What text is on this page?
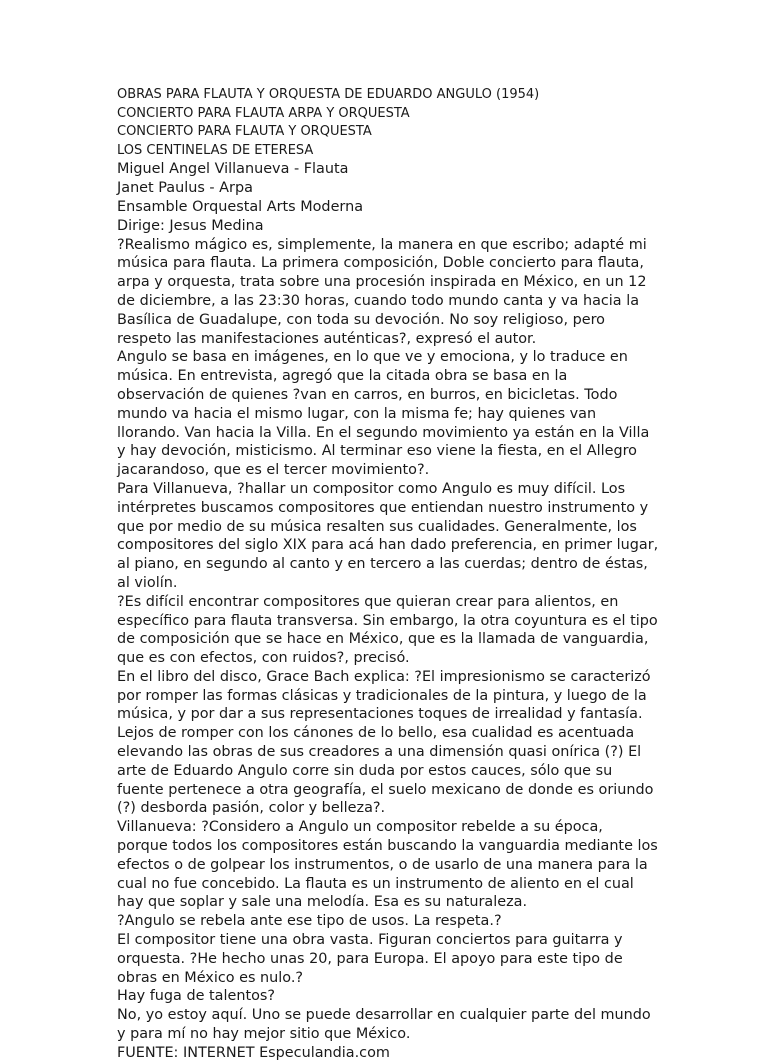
OBRAS PARA FLAUTA Y ORQUESTA DE EDUARDO ANGULO (1954)
CONCIERTO PARA FLAUTA ARPA Y ORQUESTA
CONCIERTO PARA FLAUTA Y ORQUESTA
LOS CENTINELAS DE ETERESA

Miguel Angel Villanueva - Flauta

Janet Paulus - Arpa

Ensamble Orquestal Arts Moderna

Dirige: Jesus Medina

?Realismo mágico es, simplemente, la manera en que escribo; adapté mi
música para flauta. La primera composición, Doble concierto para flauta,
arpa y orquesta, trata sobre una procesión inspirada en México, en un 12
de diciembre, a las 23:30 horas, cuando todo mundo canta y va hacia la
Basílica de Guadalupe, con toda su devoción. No soy religioso, pero
respeto las manifestaciones auténticas?, expresó el autor.

Angulo se basa en imágenes, en lo que ve y emociona, y lo traduce en
música. En entrevista, agregó que la citada obra se basa en la
observación de quienes ?van en carros, en burros, en bicicletas. Todo
mundo va hacia el mismo lugar, con la misma fe; hay quienes van
llorando. Van hacia la Villa. En el segundo movimiento ya están en la Villa
y hay devoción, misticismo. Al terminar eso viene la fiesta, en el Allegro
jacarandoso, que es el tercer movimiento?.

Para Villanueva, ?hallar un compositor como Angulo es muy difícil. Los
intérpretes buscamos compositores que entiendan nuestro instrumento y
que por medio de su música resalten sus cualidades. Generalmente, los
compositores del siglo XIX para acá han dado preferencia, en primer lugar,
al piano, en segundo al canto y en tercero a las cuerdas; dentro de éstas,
al violín.

?Es difícil encontrar compositores que quieran crear para alientos, en
específico para flauta transversa. Sin embargo, la otra coyuntura es el tipo
de composición que se hace en México, que es la llamada de vanguardia,
que es con efectos, con ruidos?, precisó.

En el libro del disco, Grace Bach explica: ?El impresionismo se caracterizó
por romper las formas clásicas y tradicionales de la pintura, y luego de la
música, y por dar a sus representaciones toques de irrealidad y fantasía.
Lejos de romper con los cánones de lo bello, esa cualidad es acentuada
elevando las obras de sus creadores a una dimensión quasi onírica (?) El
arte de Eduardo Angulo corre sin duda por estos cauces, sólo que su
fuente pertenece a otra geografía, el suelo mexicano de donde es oriundo
(?) desborda pasión, color y belleza?.

Villanueva: ?Considero a Angulo un compositor rebelde a su época,
porque todos los compositores están buscando la vanguardia mediante los
efectos o de golpear los instrumentos, o de usarlo de una manera para la
cual no fue concebido. La flauta es un instrumento de aliento en el cual
hay que soplar y sale una melodía. Esa es su naturaleza.

?Angulo se rebela ante ese tipo de usos. La respeta.?

El compositor tiene una obra vasta. Figuran conciertos para guitarra y
orquesta. ?He hecho unas 20, para Europa. El apoyo para este tipo de
obras en México es nulo.?

Hay fuga de talentos?

No, yo estoy aquí. Uno se puede desarrollar en cualquier parte del mundo
y para mí no hay mejor sitio que México.

FUENTE: INTERNET Especulandia.com
